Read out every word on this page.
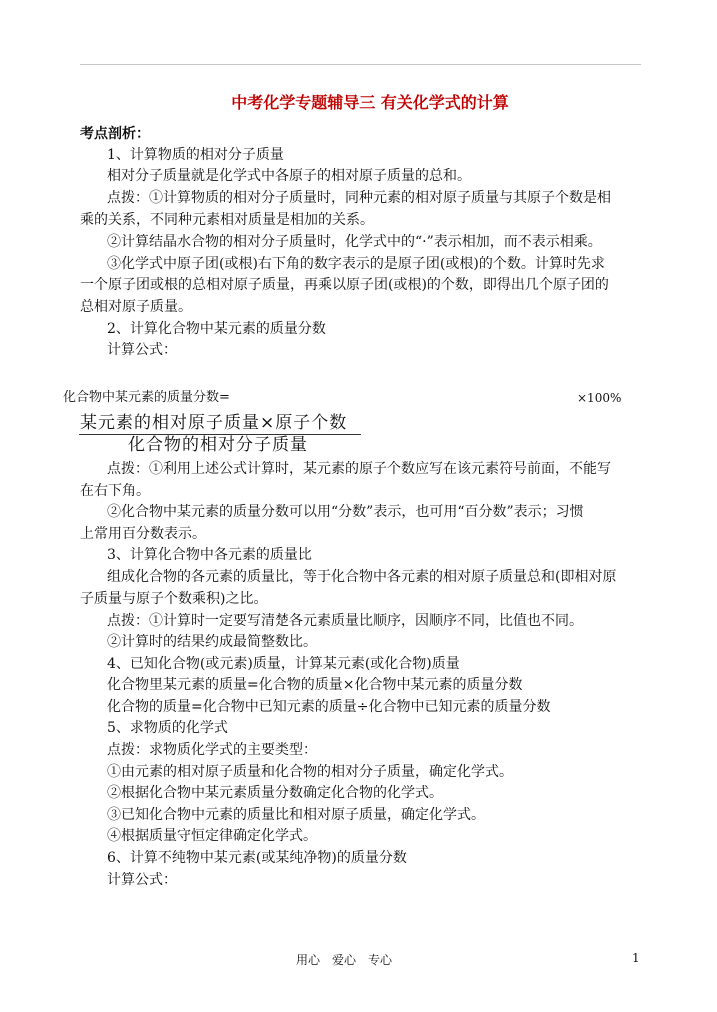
中考化学专题辅导三 有关化学式的计算
考点剖析：
1、计算物质的相对分子质量
相对分子质量就是化学式中各原子的相对原子质量的总和。
点拨：①计算物质的相对分子质量时，同种元素的相对原子质量与其原子个数是相
乘的关系，不同种元素相对质量是相加的关系。
②计算结晶水合物的相对分子质量时，化学式中的“·”表示相加，而不表示相乘。
③化学式中原子团(或根)右下角的数字表示的是原子团(或根)的个数。计算时先求
一个原子团或根的总相对原子质量，再乘以原子团(或根)的个数，即得出几个原子团的
总相对原子质量。
2、计算化合物中某元素的质量分数
计算公式：
化合物中某元素的质量分数=	×100%
某元素的相对原子质量×原子个数
化合物的相对分子质量
点拨：①利用上述公式计算时，某元素的原子个数应写在该元素符号前面，不能写
在右下角。
②化合物中某元素的质量分数可以用“分数”表示，也可用“百分数”表示；习惯
上常用百分数表示。
3、计算化合物中各元素的质量比
组成化合物的各元素的质量比，等于化合物中各元素的相对原子质量总和(即相对原
子质量与原子个数乘积)之比。
点拨：①计算时一定要写清楚各元素质量比顺序，因顺序不同，比值也不同。
②计算时的结果约成最简整数比。
4、已知化合物(或元素)质量，计算某元素(或化合物)质量
化合物里某元素的质量=化合物的质量×化合物中某元素的质量分数
化合物的质量=化合物中已知元素的质量÷化合物中已知元素的质量分数
5、求物质的化学式
点拨：求物质化学式的主要类型：
①由元素的相对原子质量和化合物的相对分子质量，确定化学式。
②根据化合物中某元素质量分数确定化合物的化学式。
③已知化合物中元素的质量比和相对原子质量，确定化学式。
④根据质量守恒定律确定化学式。
6、计算不纯物中某元素(或某纯净物)的质量分数
计算公式：
用心　爱心　专心	1
